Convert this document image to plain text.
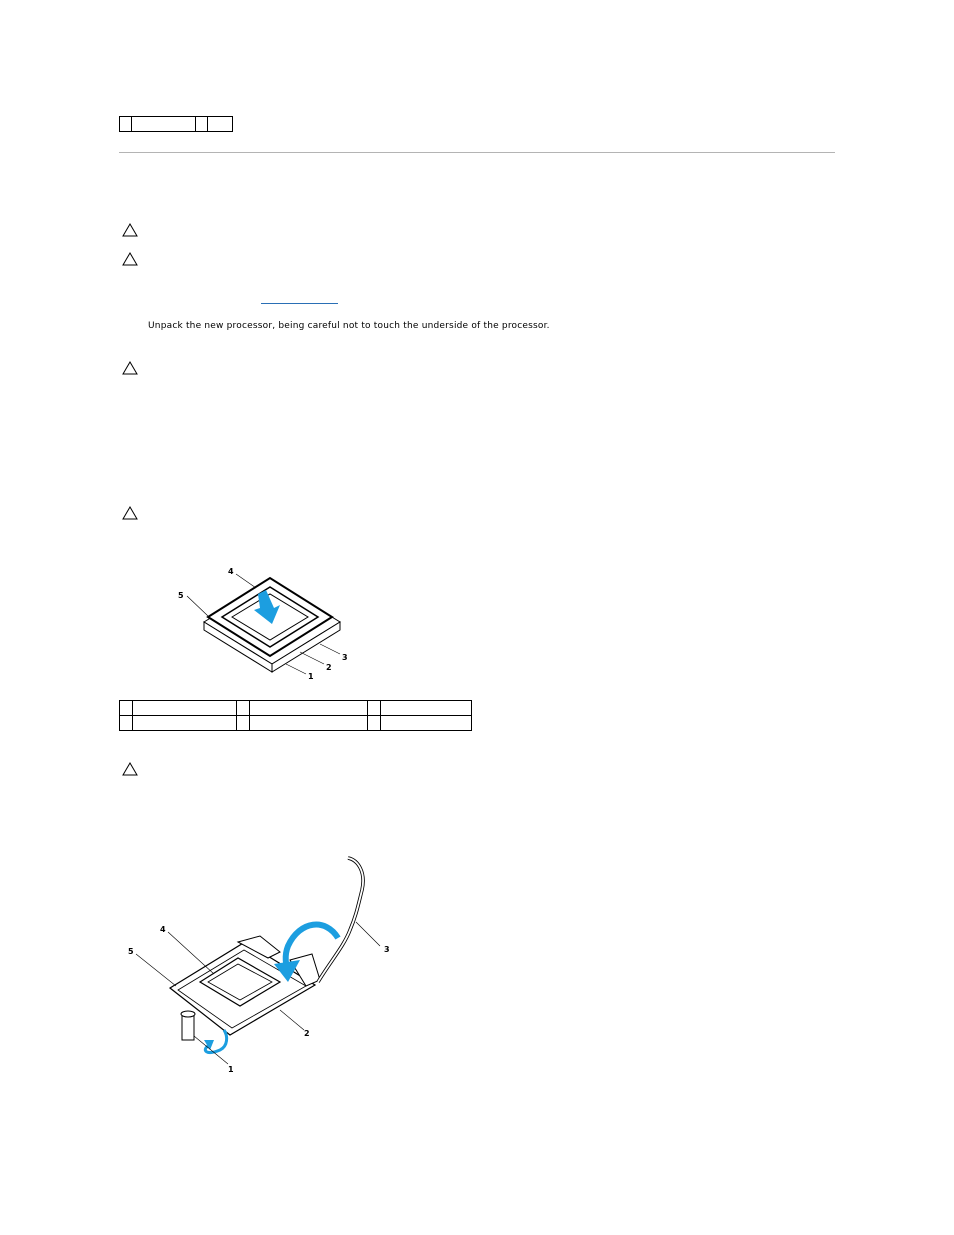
Unpack the new processor, being careful not to touch the underside of the processor.
4
5
3
2
1

4
5	3
2
1
